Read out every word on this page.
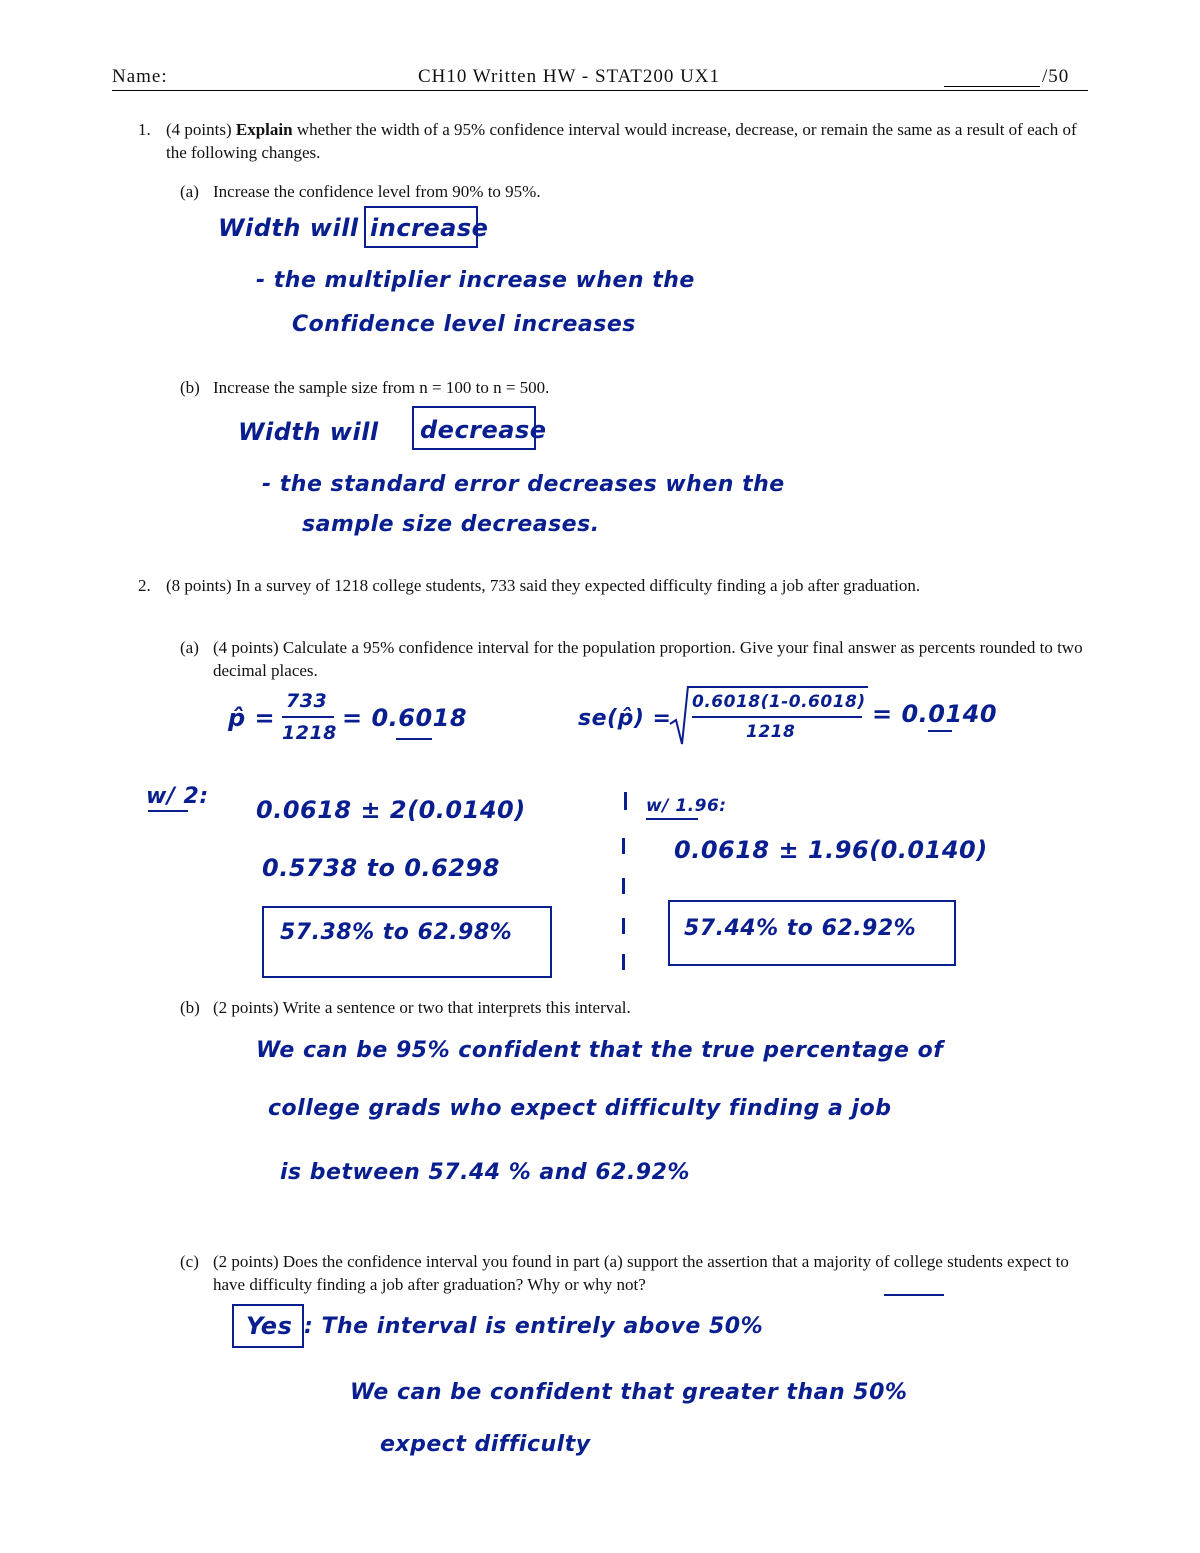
Name:	CH10 Written HW - STAT200 UX1	/50
1. (4 points) Explain whether the width of a 95% confidence interval would increase, decrease, or remain the same as a result of each of the following changes.
(a) Increase the confidence level from 90% to 95%.
Width will increase
- the multiplier increase when the
Confidence level increases
(b) Increase the sample size from n = 100 to n = 500.
Width will decrease
- the standard error decreases when the
sample size decreases.
2. (8 points) In a survey of 1218 college students, 733 said they expected difficulty finding a job after graduation.
(a) (4 points) Calculate a 95% confidence interval for the population proportion. Give your final answer as percents rounded to two decimal places.
p̂ =
733
1218
= 0.6018	se(p̂) =
0.6018(1-0.6018)
1218
= 0.0140
w/ 2: 0.0618 ± 2(0.0140)
0.5738 to 0.6298
57.38% to 62.98%
w/ 1.96:
0.0618 ± 1.96(0.0140)
57.44% to 62.92%
(b) (2 points) Write a sentence or two that interprets this interval.
We can be 95% confident that the true percentage of
college grads who expect difficulty finding a job
is between 57.44 % and 62.92%
(c) (2 points) Does the confidence interval you found in part (a) support the assertion that a majority of college students expect to have difficulty finding a job after graduation? Why or why not?
Yes : The interval is entirely above 50%
We can be confident that greater than 50%
expect difficulty
